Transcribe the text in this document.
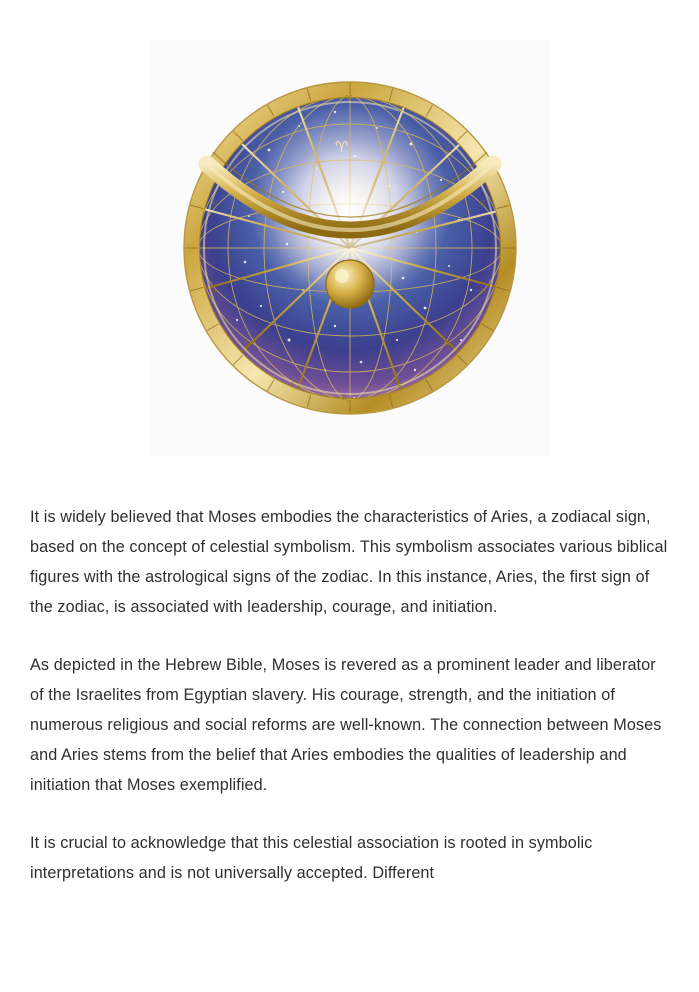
♈
♈
♉
♊
♋
♌
♍
♎
♏
♐
♑
♒
♓

It is widely believed that Moses embodies the characteristics of Aries, a zodiacal sign, based on the concept of celestial symbolism. This symbolism associates various biblical figures with the astrological signs of the zodiac. In this instance, Aries, the first sign of the zodiac, is associated with leadership, courage, and initiation.

As depicted in the Hebrew Bible, Moses is revered as a prominent leader and liberator of the Israelites from Egyptian slavery. His courage, strength, and the initiation of numerous religious and social reforms are well-known. The connection between Moses and Aries stems from the belief that Aries embodies the qualities of leadership and initiation that Moses exemplified.

It is crucial to acknowledge that this celestial association is rooted in symbolic interpretations and is not universally accepted. Different
